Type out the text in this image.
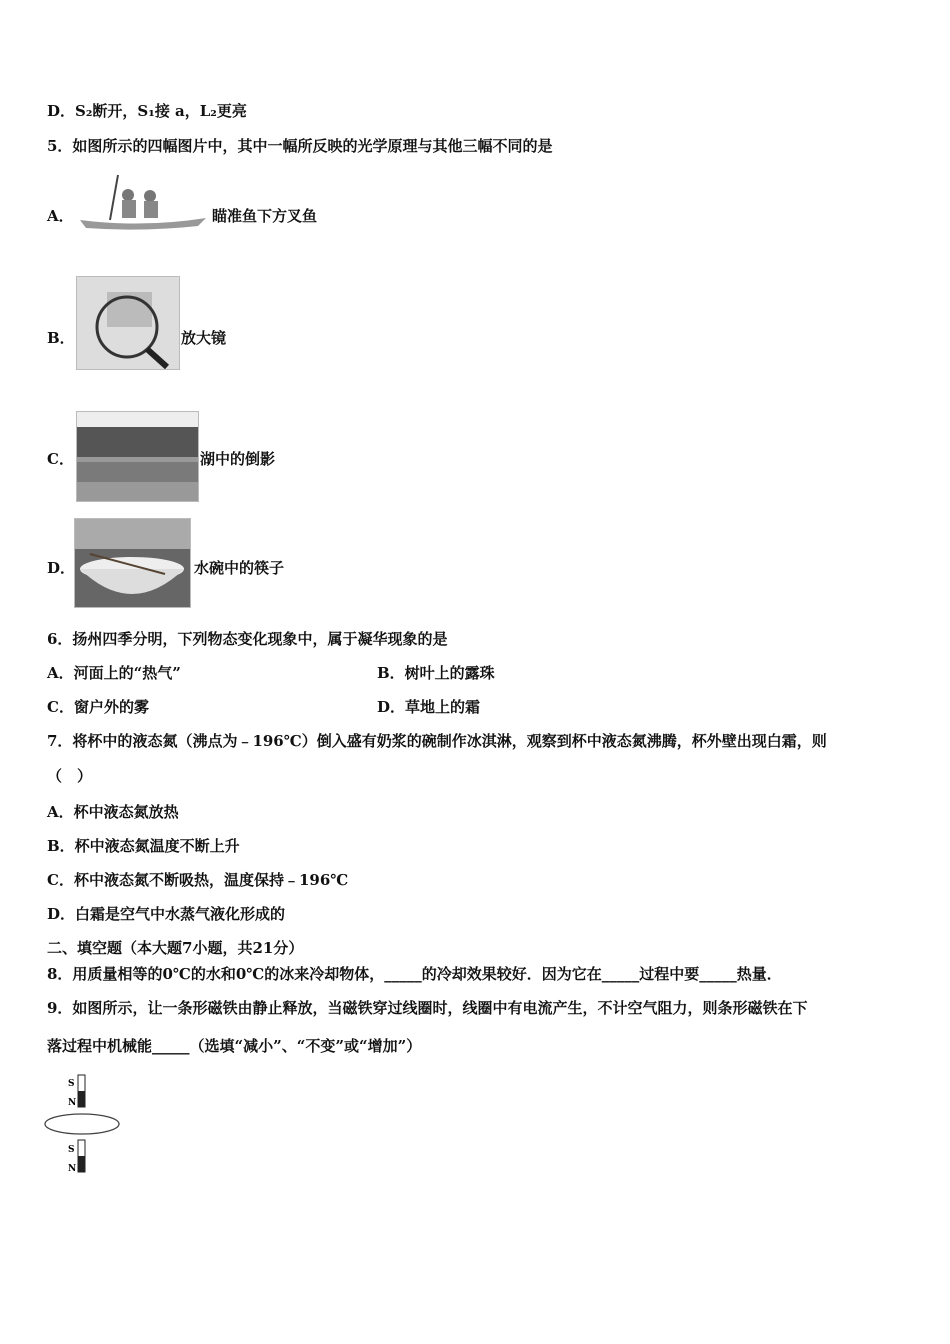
D．S₂断开，S₁接 a，L₂更亮
5．如图所示的四幅图片中，其中一幅所反映的光学原理与其他三幅不同的是
A．	瞄准鱼下方叉鱼
B．	放大镜
C．	湖中的倒影
D．	水碗中的筷子
6．扬州四季分明，下列物态变化现象中，属于凝华现象的是
A．河面上的“热气”	B．树叶上的露珠
C．窗户外的雾	D．草地上的霜
7．将杯中的液态氮（沸点为﹣196℃）倒入盛有奶浆的碗制作冰淇淋，观察到杯中液态氮沸腾，杯外壁出现白霜，则
（　）
A．杯中液态氮放热
B．杯中液态氮温度不断上升
C．杯中液态氮不断吸热，温度保持﹣196℃
D．白霜是空气中水蒸气液化形成的
二、填空题（本大题7小题，共21分）
8．用质量相等的0℃的水和0℃的冰来冷却物体，_____的冷却效果较好．因为它在_____过程中要_____热量．
9．如图所示，让一条形磁铁由静止释放，当磁铁穿过线圈时，线圈中有电流产生，不计空气阻力，则条形磁铁在下
落过程中机械能_____（选填“减小”、“不变”或“增加”）
S
N
S
N
